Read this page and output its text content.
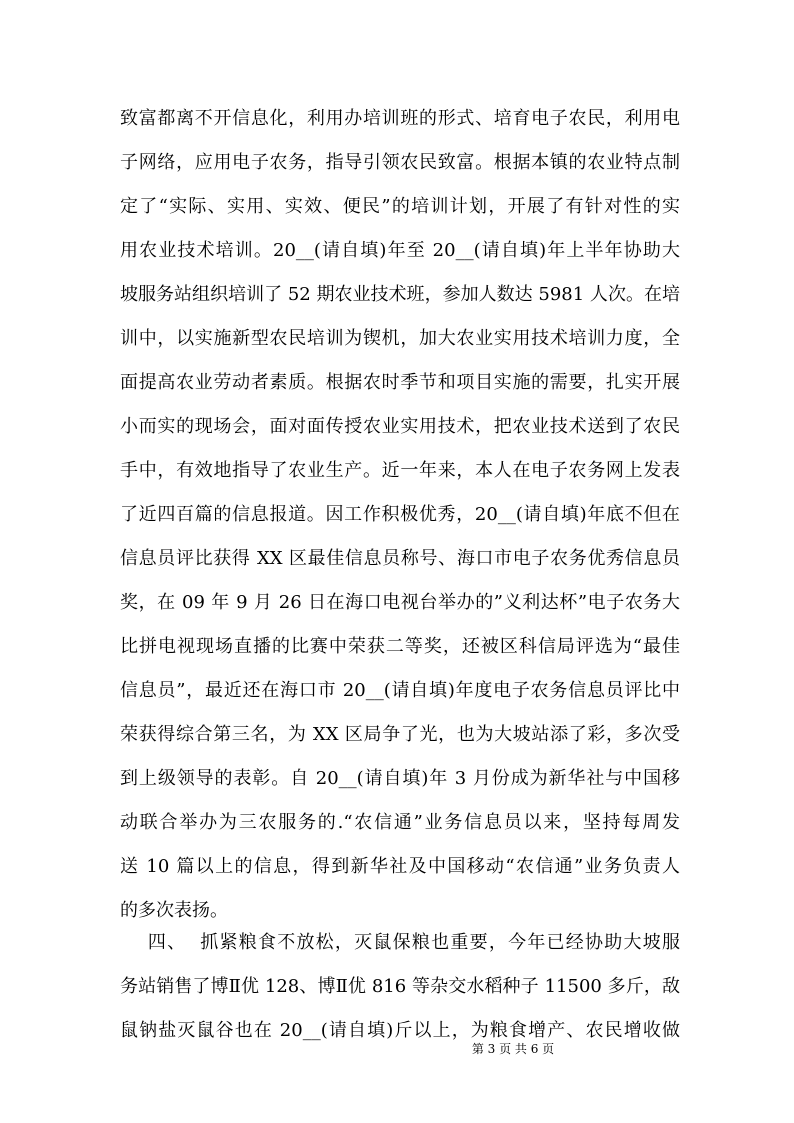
致富都离不开信息化，利用办培训班的形式、培育电子农民，利用电
子网络，应用电子农务，指导引领农民致富。根据本镇的农业特点制
定了“实际、实用、实效、便民”的培训计划，开展了有针对性的实
用农业技术培训。20__(请自填)年至 20__(请自填)年上半年协助大
坡服务站组织培训了 52 期农业技术班，参加人数达 5981 人次。在培
训中，以实施新型农民培训为锲机，加大农业实用技术培训力度，全
面提高农业劳动者素质。根据农时季节和项目实施的需要，扎实开展
小而实的现场会，面对面传授农业实用技术，把农业技术送到了农民
手中，有效地指导了农业生产。近一年来，本人在电子农务网上发表
了近四百篇的信息报道。因工作积极优秀，20__(请自填)年底不但在
信息员评比获得 XX 区最佳信息员称号、海口市电子农务优秀信息员
奖，在 09 年 9 月 26 日在海口电视台举办的”义利达杯”电子农务大
比拼电视现场直播的比赛中荣获二等奖，还被区科信局评选为“最佳
信息员”，最近还在海口市 20__(请自填)年度电子农务信息员评比中
荣获得综合第三名，为 XX 区局争了光，也为大坡站添了彩，多次受
到上级领导的表彰。自 20__(请自填)年 3 月份成为新华社与中国移
动联合举办为三农服务的.“农信通”业务信息员以来，坚持每周发
送 10 篇以上的信息，得到新华社及中国移动“农信通”业务负责人
的多次表扬。
四、  抓紧粮食不放松，灭鼠保粮也重要，今年已经协助大坡服
务站销售了博Ⅱ优 128、博Ⅱ优 816 等杂交水稻种子 11500 多斤，敌
鼠钠盐灭鼠谷也在 20__(请自填)斤以上，为粮食增产、农民增收做
第 3 页 共 6 页
